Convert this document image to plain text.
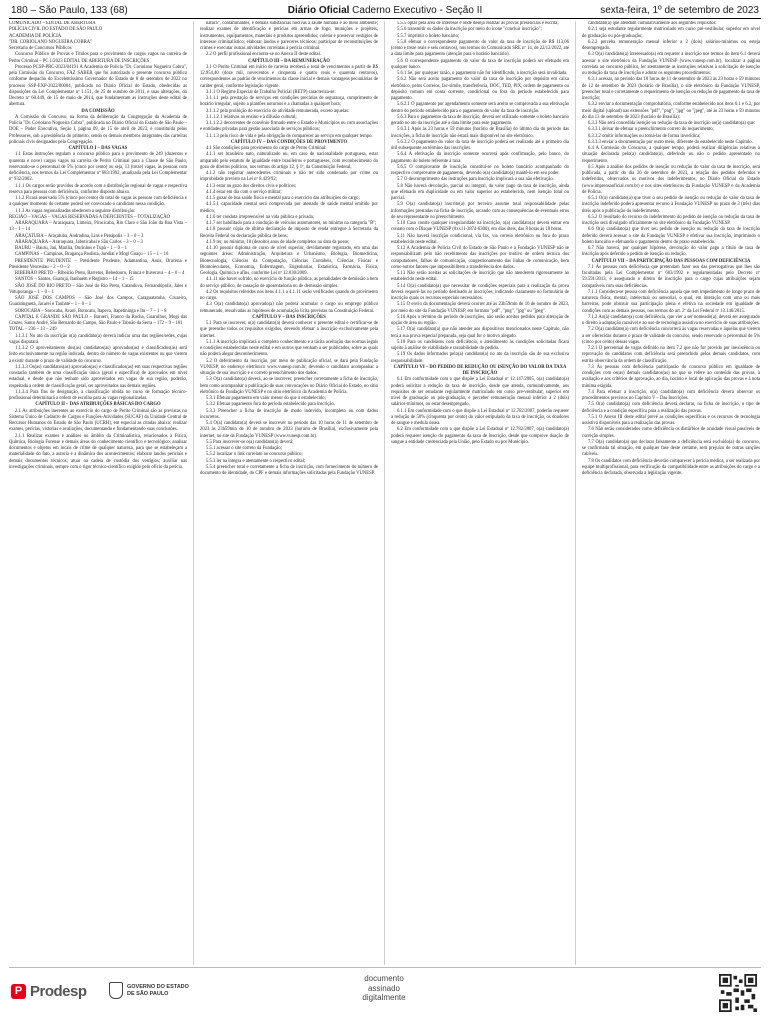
180 – São Paulo, 133 (68)	Diário Oficial Caderno Executivo - Seção II	sexta-feira, 1º de setembro de 2023

COMUNICADO – EDITAL DE ABERTURA

POLÍCIA CIVIL DO ESTADO DE SÃO PAULO

ACADEMIA DE POLÍCIA

"DR. CORIOLANO NOGUEIRA COBRA"

Secretaria de Concursos Públicos

Concurso Público de Provas e Títulos para o provimento de cargos vagos na carreira de Perito Criminal – PC 1/2023 EDITAL DE ABERTURA DE INSCRIÇÕES

Processo PCSP-PRC-2023/04191 A Academia de Polícia "Dr. Coriolano Nogueira Cobra", pela Comissão do Concurso, FAZ SABER que foi autorizado o presente concurso público conforme despacho do Excelentíssimo Governador do Estado de 8 de setembro de 2022 no processo SSP-EXP-2022/00004, publicado no Diário Oficial do Estado, obedecidas as disposições da Lei Complementar nº 1.151, de 25 de outubro de 2011, e suas alterações, do Decreto nº 60.449, de 15 de maio de 2014, que fundamentam as instruções deste edital de abertura.

DA COMISSÃO

A Comissão do Concurso, na forma da deliberação da Congregação da Academia de Polícia "Dr. Coriolano Nogueira Cobra", publicada no Diário Oficial do Estado de São Paulo – DOE – Poder Executivo, Seção I, página 09, de 15 de abril de 2023, é constituída pelos Professores, sob a presidência do primeiro, sendo os demais membros integrantes das carreiras policiais civis designados pela Congregação.

CAPÍTULO I – DAS VAGAS

1.1 Estas instruções regulam o concurso público para o provimento de 249 (duzentos e quarenta e nove) cargos vagos na carreira de Perito Criminal para a Classe de São Paulo, reservando-se o percentual de 5% (cinco por cento) ou seja, 13 (treze) vagas, às pessoas com deficiência, nos termos da Lei Complementar nº 683/1992, atualizada pela Lei Complementar nº 932/2002.

1.1.1 Os cargos serão providos de acordo com a distribuição regional de vagas e respectiva reserva para pessoas com deficiência, conforme disposto abaixo.

1.1.2 Ficará reservado 5% (cinco por cento) do total de vagas às pessoas com deficiência e a qualquer momento do certame poderá ser convocado o candidato nessa condição.

1.1.3 As vagas regionalizadas obedecem a seguinte distribuição:

REGIÃO – VAGAS – VAGAS RESERVADAS A DEFICIENTES – TOTALIZAÇÃO

ARARAQUARA – Araraquara, Limeira, Piracicaba, Rio Claro e São João da Boa Vista – 13 – 1 – 14

ARAÇATUBA – Araçatuba, Andradina, Lins e Penápolis – 3 – 0 – 3

ARARAQUARA – Araraquara, Jaboticabal e São Carlos – 3 – 0 – 3

BAURU – Bauru, Jaú, Marília, Ourinhos e Tupã – 1 – 0 – 1

CAMPINAS – Campinas, Bragança Paulista, Jundiaí e Mogi Guaçu – 15 – 1 – 16

PRESIDENTE PRUDENTE – Presidente Prudente, Adamantina, Assis, Dracena e Presidente Venceslau – 2 – 0 – 2

RIBEIRÃO PRETO – Ribeirão Preto, Barretos, Bebedouro, Franca e Ituverava – 4 – 0 – 4

SANTOS – Santos, Guarujá, Itanhaém e Registro – 14 – 1 – 15

SÃO JOSÉ DO RIO PRETO – São José do Rio Preto, Catanduva, Fernandópolis, Jales e Votuporanga – 1 – 0 – 1

SÃO JOSÉ DOS CAMPOS – São José dos Campos, Caraguatatuba, Cruzeiro, Guaratinguetá, Jacareí e Taubaté – 1 – 0 – 1

SOROCABA – Sorocaba, Avaré, Botucatu, Itapeva, Itapetininga e Itu – 7 – 1 – 8

CAPITAL E GRANDE SÃO PAULO – Barueri, Franco da Rocha, Guarulhos, Mogi das Cruzes, Santo André, São Bernardo do Campo, São Paulo e Taboão da Serra – 172 – 9 – 181

TOTAL – 236 – 13 – 249

1.1.3.1 No ato da inscrição o(a) candidato(a) deverá indicar uma das regiões/sedes, cujas vagas disputará.

1.1.3.2 O aproveitamento dos(as) candidatos(as) aprovados(as) e classificados(as) será feito exclusivamente na região indicada, dentro do número de vagas existentes ou que vierem a existir durante o prazo de validade do concurso.

1.1.3.3 Os(as) candidatos(as) aprovados(as) e classificados(as) em suas respectivas regiões constarão também de uma classificação única (geral e específica) de aprovados em nível estadual, e desde que não tenham sido aproveitados em vagas de sua região, poderão, respeitada a ordem de classificação geral, ser aproveitados nas demais regiões.

1.1.3.4 Para fins de designação, a classificação obtida no curso de formação técnico-profissional determinará a ordem de escolha para as vagas regionalizadas.

CAPÍTULO II – DAS ATRIBUIÇÕES BÁSICAS DO CARGO

2.1 As atribuições inerentes ao exercício do cargo de Perito Criminal são as previstas no Sistema Único de Cadastro de Cargos e Funções-Atividades (SUCAF) da Unidade Central de Recursos Humanos do Estado de São Paulo (UCRH), em especial as citadas abaixo: realizar exames, perícias, vistorias e avaliações, documentando e fundamentando suas conclusões.

2.1.1 Realizar exames e análises no âmbito da Criminalística, relacionados à Física, Química, Biologia Forense e demais áreas do conhecimento científico e tecnológico; analisar documentos e objetos em locais de crime de qualquer natureza, para que se estabeleçam a materialidade do fato, a autoria e a dinâmica dos acontecimentos; elaborar laudos periciais e demais documentos técnicos; atuar na cadeia de custódia dos vestígios; auxiliar nas investigações criminais, sempre com o rigor técnico-científico exigido pelo ofício da perícia.

natura", contaminantes, e demais substâncias nocivas à saúde humana e ao meio ambiente; realizar exames de identificação e perícias em armas de fogo, munições e projéteis, instrumentos, equipamentos, materiais e produtos apreendidos; coletar e preservar vestígios de interesse criminalístico; elaborar laudos e pareceres técnicos; participar de reconstituições de crimes e executar outras atividades correlatas à perícia criminal.

2.2 O perfil profissional encontra-se no Anexo II deste edital.

CAPÍTULO III – DA REMUNERAÇÃO

3.1 O Perito Criminal em início de carreira receberá o total de vencimentos a partir de R$ 12.954,40 (doze mil, novecentos e cinquenta e quatro reais e quarenta centavos), correspondentes ao padrão de vencimentos da classe inicial e demais vantagens pecuniárias de caráter geral, conforme legislação vigente.

3.1.1 O Regime Especial de Trabalho Policial (RETP) caracteriza-se:

3.1.1.1 pela prestação de serviços em condições precárias de segurança, cumprimento de horário irregular, sujeito a plantões noturnos e a chamadas a qualquer hora;

3.1.1.2 pela proibição do exercício de atividade remunerada, exceto aquelas:

3.1.1.2.1 relativas ao ensino e à difusão cultural;

3.1.1.2.2 decorrentes de convênio firmado entre o Estado e Municípios ou com associações e entidades privadas para gestão associada de serviços públicos;

3.1.1.3 pelo risco de vida e pela obrigação de comparecer ao serviço em qualquer tempo.

CAPÍTULO IV – DAS CONDIÇÕES DE PROVIMENTO

4.1 São condições para provimento do cargo de Perito Criminal:

4.1.1 ser brasileiro nato, naturalizado ou, em caso de nacionalidade portuguesa, estar amparado pelo estatuto de igualdade entre brasileiros e portugueses, com reconhecimento do gozo de direitos políticos, nos termos do artigo 12, § 1º, da Constituição Federal;

4.1.2 não registrar antecedentes criminais e não ter sido condenado por crime ou improbidade previsto na Lei nº 8.429/92;

4.1.3 estar no gozo dos direitos civis e políticos;

4.1.4 estar em dia com o serviço militar;

4.1.5 gozar de boa saúde física e mental para o exercício das atribuições do cargo;

4.1.5.1 capacidade mental será comprovada por atestado de saúde mental emitido por médico;

4.1.6 ter conduta irrepreensível na vida pública e privada;

4.1.7 ser habilitado para a condução de veículos automotores, no mínimo na categoria "B";

4.1.8 possuir cópia de última declaração de imposto de renda entregue à Secretaria da Receita Federal ou declaração pública de bens;

4.1.9 ter, no mínimo, 18 (dezoito) anos de idade completos na data da posse;

4.1.10 possuir diploma de curso de nível superior, devidamente registrado, em uma das seguintes áreas: Administração, Arquitetura e Urbanismo, Biologia, Biomedicina, Biotecnologia, Ciências da Computação, Ciências Contábeis, Ciências Físicas e Biomoleculares, Economia, Enfermagem, Engenharias, Estatística, Farmácia, Física, Geologia, Química e afins, conforme Lei nº 12.030/2009.

4.1.11 não haver sofrido, no exercício de função pública, as penalidades de demissão a bem do serviço público, de cassação de aposentadoria ou de demissão simples.

4.2 Os requisitos referidos nos itens 4.1.1 a 4.1.11 serão verificados quando do provimento no cargo.

4.3 O(a) candidato(a) aprovado(a) não poderá acumular o cargo ou emprego público remunerado, ressalvadas as hipóteses de acumulação lícita previstas na Constituição Federal.

CAPÍTULO V – DAS INSCRIÇÕES

5.1 Para se inscrever, o(a) candidato(a) deverá conhecer o presente edital e certificar-se de que preenche todos os requisitos exigidos, devendo efetuar a inscrição exclusivamente pela internet.

5.1.1 A inscrição implicará o completo conhecimento e a tácita aceitação das normas legais e condições estabelecidas neste edital e em outros que venham a ser publicados, sobre as quais não poderá alegar desconhecimento.

5.2 O deferimento da inscrição, por meio de publicação oficial, se dará pela Fundação VUNESP, no endereço eletrônico www.vunesp.com.br, devendo o candidato acompanhar a situação de sua inscrição e o correto preenchimento dos dados.

5.3 O(a) candidato(a) deverá, ao se inscrever, preencher corretamente a ficha de inscrição, bem como acompanhar a publicação de suas convocações no Diário Oficial do Estado, no sítio eletrônico da Fundação VUNESP e no sítio eletrônico da Academia de Polícia.

5.3.1 Efetuar pagamento em valor menor do que o estabelecido;

5.3.2 Efetuar pagamento fora do período estabelecido para inscrição.

5.3.3 Preencher a ficha de inscrição de modo indevido, incompleto ou com dados incorretos.

5.4 O(a) candidato(a) deverá se inscrever no período das 10 horas de 11 de setembro de 2023 às 23h59min de 10 de outubro de 2023 (horário de Brasília), exclusivamente pela internet, no site da Fundação VUNESP (www.vunesp.com.br).

5.5 Para inscrever-se o(a) candidato(a) deverá:

5.5.1 acessar o site correto da Fundação;

5.5.2 localizar o link correlato ao concurso público;

5.5.3 ler na íntegra e atentamente o respectivo edital;

5.5.4 preencher total e corretamente a ficha de inscrição, com fornecimento do número de documento de identidade, do CPF e demais informações solicitadas pela Fundação VUNESP.

5.5.5 optar pela área de interesse e onde deseja realizar as provas presenciais e escrita;

5.5.6 transmitir os dados da inscrição por meio do ícone "concluir inscrição";

5.5.7 imprimir o boleto bancário;

5.5.8 efetuar o correspondente pagamento do valor da taxa de inscrição de R$ 113,06 (cento e treze reais e seis centavos), nos termos do Comunicado SRE nº 14, de 22/12/2022, até a data limite para pagamento (atenção para o horário bancário).

5.6 O correspondente pagamento do valor da taxa de inscrição poderá ser efetuado em qualquer banco.

5.6.1 Se, por qualquer razão, o pagamento não for identificado, a inscrição será invalidada.

5.6.2 Não será aceito pagamento do valor da taxa de inscrição por depósito em caixa eletrônico, pelos Correios, fac-símile, transferência, DOC, TED, PIX, ordem de pagamento ou depósito comum em conta corrente, condicional ou fora do período estabelecido para pagamento.

5.6.2.1 O pagamento por agendamento somente será aceito se comprovada a sua efetivação dentro do período estabelecido para o pagamento do valor da taxa de inscrição.

5.6.3 Para o pagamento da taxa de inscrição, deverá ser utilizado somente o boleto bancário gerado no ato da inscrição até a data limite para esse pagamento.

5.6.3.1 Após às 23 horas e 59 minutos (horário de Brasília) do último dia do período das inscrições, a ficha de inscrição não estará mais disponível no site eletrônico.

5.6.3.2 O pagamento do valor da taxa de inscrição poderá ser realizado até o primeiro dia útil subsequente ao término das inscrições.

5.6.4 A efetivação da inscrição somente ocorrerá após confirmação, pelo banco, do pagamento do boleto referente à taxa.

5.6.5 O comprovante de inscrição constitui-se no boleto bancário acompanhado do respectivo comprovante de pagamento, devendo o(a) candidato(a) mantê-lo em seu poder.

5.7 O descumprimento das instruções para inscrição implicará a sua não efetivação.

5.8 Não haverá devolução, parcial ou integral, do valor pago da taxa de inscrição, ainda que efetuado em duplicidade ou em valor superior ao estabelecido, nem isenção total ou parcial.

5.9 O(a) candidato(a) inscrito(a) por terceiro assume total responsabilidade pelas informações prestadas na ficha de inscrição, arcando com as consequências de eventuais erros de seu representante no preenchimento.

5.10 Caso conste qualquer irregularidade na inscrição, o(a) candidato(a) deverá entrar em contato com o Disque VUNESP (0xx11-3874-6300), em dias úteis, das 8 horas às 18 horas.

5.11 Não haverá inscrição condicional, via fax, via correio eletrônico ou fora do prazo estabelecido neste edital.

5.12 A Academia de Polícia Civil do Estado de São Paulo e a Fundação VUNESP não se responsabilizam pelo não recebimento das inscrições por motivo de ordem técnica dos computadores, falhas de comunicação, congestionamento das linhas de comunicação, bem como outros fatores que impossibilitem a transferência dos dados.

5.13 Não serão aceitas as solicitações de inscrição que não atenderem rigorosamente ao estabelecido neste edital.

5.14 O(a) candidato(a) que necessitar de condições especiais para a realização da prova deverá requerê-las no período destinado às inscrições, indicando claramente no formulário de inscrição quais os recursos especiais necessários.

5.15 O envio da documentação deverá ocorrer até às 23h59min de 10 de outubro de 2023, por meio do site da Fundação VUNESP, em formato "pdf", "png", "jpg" ou "jpeg".

5.16 Após o término do período de inscrições, não serão aceitos pedidos para alteração de opção de área ou região.

5.17 O(a) candidato(a) que não atender aos dispositivos mencionados neste Capítulo, não terá a sua prova especial preparada, seja qual for o motivo alegado.

5.18 Para os candidatos com deficiência, o atendimento às condições solicitadas ficará sujeito à análise de viabilidade e razoabilidade do pedido.

5.19 Os dados informados pelo(a) candidato(a) no ato da inscrição são de sua exclusiva responsabilidade.

CAPÍTULO VI – DO PEDIDO DE REDUÇÃO OU ISENÇÃO DO VALOR DA TAXA DE INSCRIÇÃO

6.1 Em conformidade com o que dispõe a Lei Estadual nº 12.147/2005, o(a) candidato(a) poderá solicitar a redução da taxa de inscrição, desde que atenda, cumulativamente, aos requisitos de ser estudante regularmente matriculado em curso pré-vestibular, superior em nível de graduação ou pós-graduação, e perceber remuneração mensal inferior a 2 (dois) salários-mínimos, ou estar desempregado.

6.1.1 Em conformidade com o que dispõe a Lei Estadual nº 12.782/2007, poderão requerer a redução de 50% (cinquenta por cento) do valor estipulado da taxa de inscrição, os doadores de sangue e medula óssea.

6.2 Em conformidade com o que dispõe a Lei Estadual nº 12.782/2007, o(a) candidato(a) poderá requerer isenção do pagamento da taxa de inscrição, desde que comprove doação de sangue a entidade credenciada pela União, pelo Estado ou por Município.

candidato(a) que atendam cumulativamente aos seguintes requisitos:

6.2.1 seja estudante regularmente matriculado em curso pré-vestibular, superior em nível de graduação ou pós-graduação;

6.2.2 perceba remuneração mensal inferior a 2 (dois) salários-mínimos ou esteja desempregado.

6.3 O(a) candidato(a) interessado(a) em requerer a inscrição nos termos do item 6.1 deverá acessar o site eletrônico da Fundação VUNESP (www.vunesp.com.br), localizar a página correlata ao concurso público, ler atentamente as instruções relativas à solicitação de isenção ou redução da taxa de inscrição e adotar os seguintes procedimentos:

6.3.1 acessar, no período das 10 horas de 11 de setembro de 2023 às 23 horas e 59 minutos de 12 de setembro de 2023 (horário de Brasília), o site eletrônico da Fundação VUNESP, preencher total e corretamente o requerimento de isenção ou redução de pagamento da taxa de inscrição;

6.3.2 enviar a documentação comprobatória, conforme estabelecido nos itens 6.1 e 6.2, por meio digital (upload) nas extensões "pdf", "png", "jpg" ou "jpeg", até às 23 horas e 59 minutos do dia 13 de setembro de 2023 (horário de Brasília);

6.3.3 Não será concedida isenção ou redução da taxa de inscrição ao(à) candidato(a) que:

6.3.3.1 deixar de efetuar o preenchimento correto do requerimento;

6.3.3.2 omitir informações ou torná-las de forma inverídica;

6.3.3.3 enviar a documentação por outro meio, diferente do estabelecido neste Capítulo.

6.4 A Comissão do Concurso, a qualquer tempo, poderá realizar diligências relativas à situação declarada pelo(a) candidato(a), deferindo ou não o pedido apresentado no requerimento.

6.5 Após a análise dos pedidos de isenção ou redução do valor da taxa de inscrição, será publicada, a partir do dia 26 de setembro de 2023, a relação dos pedidos deferidos e indeferidos, observados os motivos dos indeferimentos, no Diário Oficial do Estado (www.imprensaoficial.com.br) e nos sites eletrônicos da Fundação VUNESP e da Academia de Polícia.

6.5.1 O(a) candidato(a) que tiver o seu pedido de isenção ou redução do valor da taxa de inscrição indeferido poderá apresentar recurso à Fundação VUNESP no prazo de 3 (três) dias úteis após a publicação do indeferimento.

6.5.2 O resultado do recurso do indeferimento do pedido de isenção ou redução da taxa de inscrição será divulgado oficialmente no site eletrônico da Fundação VUNESP.

6.6 O(a) candidato(a) que tiver seu pedido de isenção ou redução da taxa de inscrição deferido deverá acessar o site da Fundação VUNESP e efetivar sua inscrição, imprimindo o boleto bancário e efetuando o pagamento dentro do prazo estabelecido.

6.7 Não haverá, por qualquer hipótese, devolução do valor pago a título de taxa de inscrição após deferido o pedido de isenção ou redução.

CAPÍTULO VII – DA PARTICIPAÇÃO DAS PESSOAS COM DEFICIÊNCIA

7.1 Às pessoas com deficiência que pretendam fazer uso das prerrogativas que lhes são facultadas pela Lei Complementar nº 683/1992 e regulamentadas pelo Decreto nº 59.591/2013, é assegurado o direito de inscrição para o cargo cujas atribuições sejam compatíveis com suas deficiências.

7.1.1 Considera-se pessoa com deficiência aquela que tem impedimento de longo prazo de natureza física, mental, intelectual ou sensorial, o qual, em interação com uma ou mais barreiras, pode obstruir sua participação plena e efetiva na sociedade em igualdade de condições com as demais pessoas, nos termos do art. 2º da Lei Federal nº 13.146/2015.

7.1.2 Ao(à) candidato(a) com deficiência, que vier a ser nomeado(a), deverá ser assegurado o direito à adaptação razoável e ao uso de tecnologia assistiva no exercício de suas atribuições.

7.2 O(a) candidato(a) com deficiência concorrerá às vagas reservadas e àquelas que vierem a ser oferecidas durante o prazo de validade do concurso, sendo reservado o percentual de 5% (cinco por cento) dessas vagas.

7.2.1 O percentual de vagas definido no item 7.2 que não for provido por inexistência ou reprovação de candidatos com deficiência será preenchido pelos demais candidatos, com estrita observância da ordem de classificação.

7.3 Às pessoas com deficiência participarão do concurso público em igualdade de condições com os(as) demais candidatos(as) no que se refere ao conteúdo das provas, à avaliação e aos critérios de aprovação, ao dia, horário e local de aplicação das provas e à nota mínima exigida.

7.4 Para efetuar a inscrição, o(a) candidato(a) com deficiência deverá observar os procedimentos previstos no Capítulo V – Das Inscrições.

7.5 O(a) candidato(a) com deficiência deverá declarar, na ficha de inscrição, o tipo de deficiência e a condição específica para a realização das provas.

7.5.1 O Anexo III deste edital prevê as condições específicas e os recursos de tecnologia assistiva disponíveis para a realização das provas.

7.6 Não serão considerados como deficiência os distúrbios de acuidade visual passíveis de correção simples.

7.7 O(a) candidato(a) que declarar falsamente a deficiência será excluído(a) do concurso, se confirmada tal situação, em qualquer fase deste certame, sem prejuízo de outras sanções cabíveis.

7.8 Os candidatos com deficiência deverão comparecer à perícia médica, a ser realizada por equipe multiprofissional, para verificação da compatibilidade entre as atribuições do cargo e a deficiência declarada, observada a legislação vigente.

P Prodesp	GOVERNO DO ESTADO
DE SÃO PAULO
documento
assinado
digitalmente
